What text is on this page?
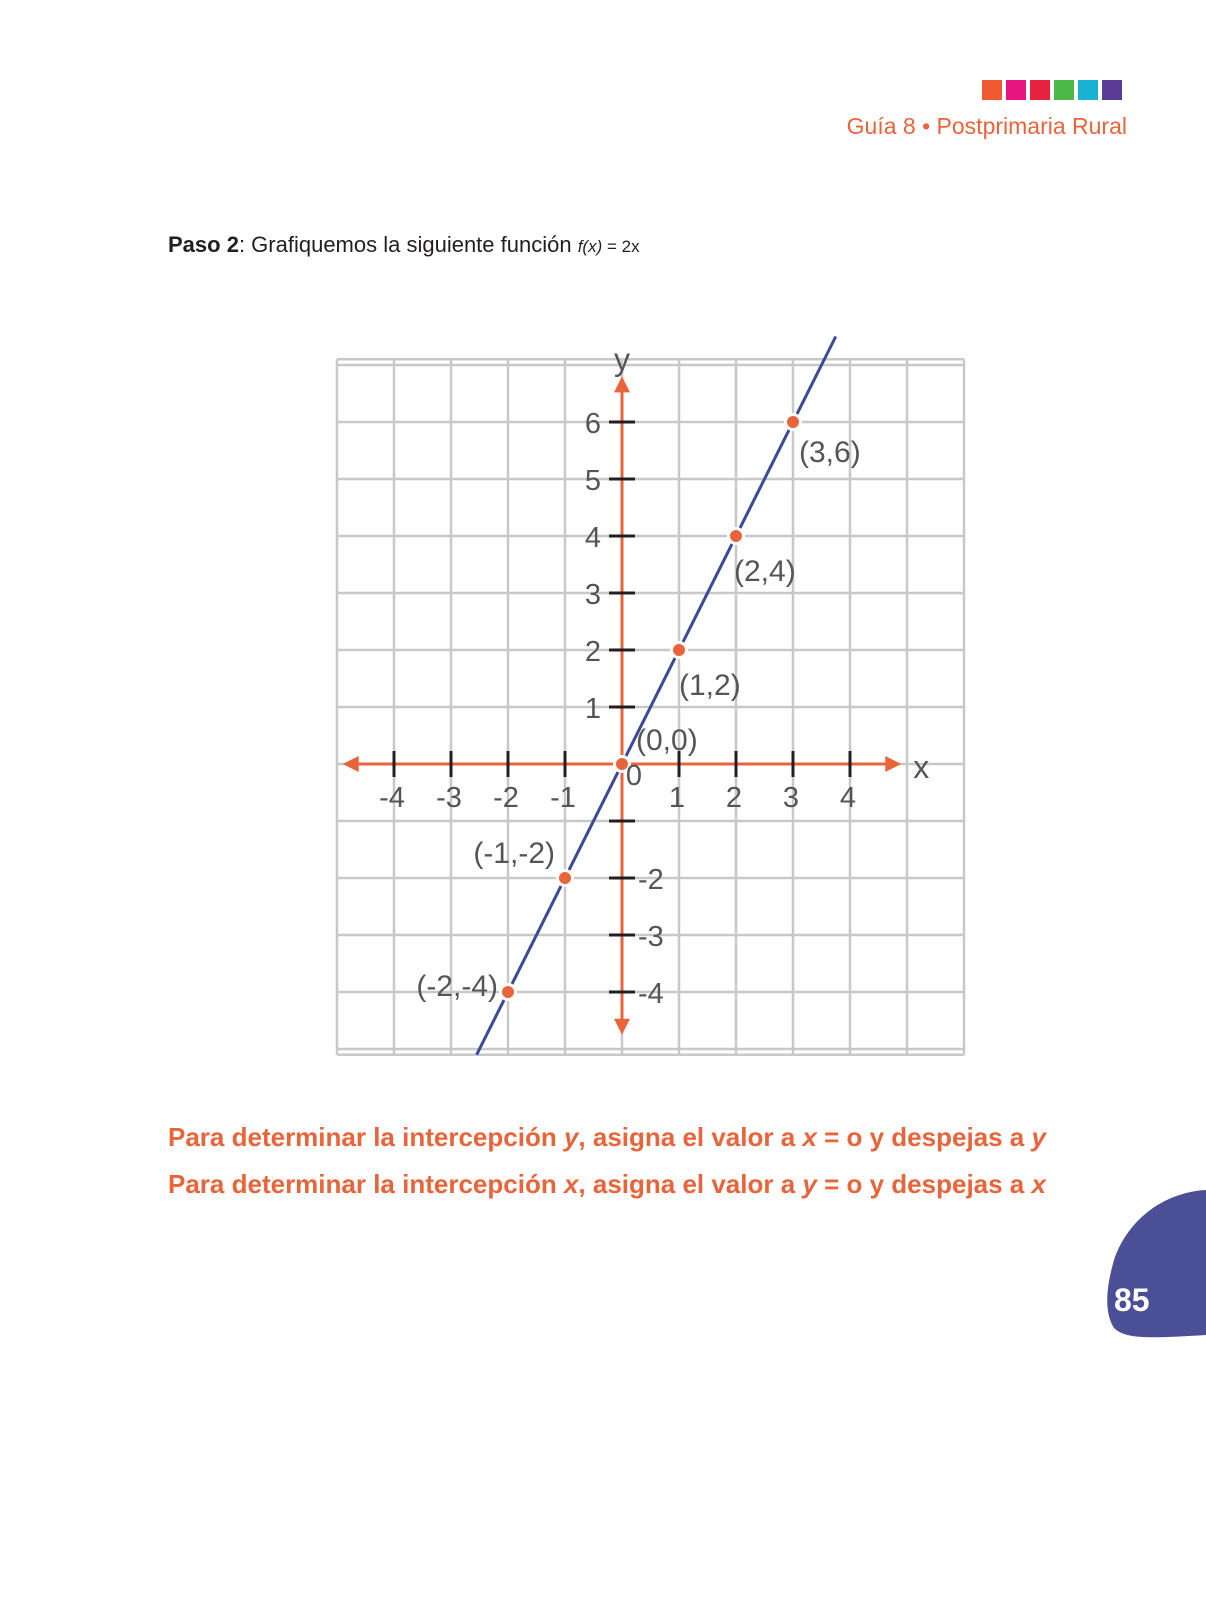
Guía 8 • Postprimaria Rural
Paso 2: Grafiquemos la siguiente función f(x) = 2x
-4 -3 -2 -1	1 2 3 4
-4
-3
-2
1
2
3
4
5
6
0	x
y
(-2,-4)
(-1,-2)
(0,0)
(1,2)
(2,4)
(3,6)
Para determinar la intercepción y, asigna el valor a x = o y despejas a y
Para determinar la intercepción x, asigna el valor a y = o y despejas a x
85
